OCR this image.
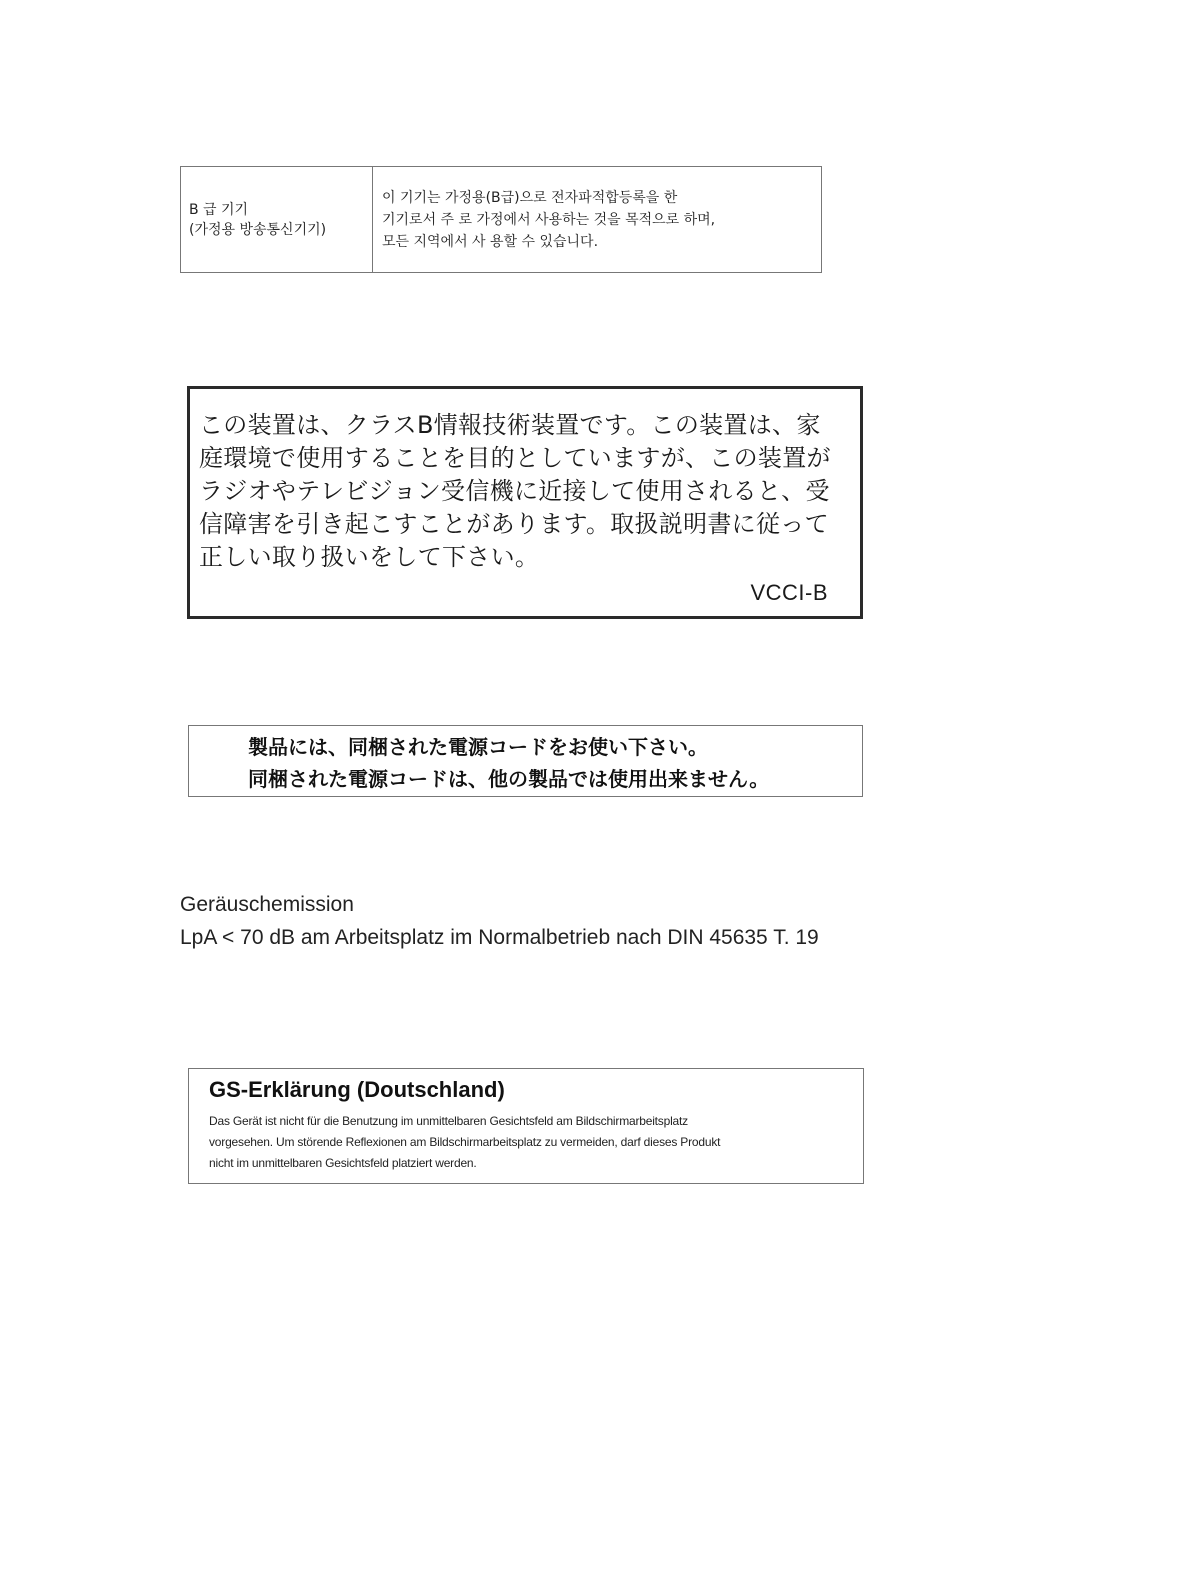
B 급 기기
(가정용 방송통신기기)
이 기기는 가정용(B급)으로 전자파적합등록을 한
기기로서 주 로 가정에서 사용하는 것을 목적으로 하며,
모든 지역에서 사 용할 수 있습니다.
この装置は、クラスB情報技術装置です。この装置は、家
庭環境で使用することを目的としていますが、この装置が
ラジオやテレビジョン受信機に近接して使用されると、受
信障害を引き起こすことがあります。取扱説明書に従って
正しい取り扱いをして下さい。
VCCI-B
製品には、同梱された電源コードをお使い下さい。
同梱された電源コードは、他の製品では使用出来ません。
Geräuschemission
LpA < 70 dB am Arbeitsplatz im Normalbetrieb nach DIN 45635 T. 19
GS-Erklärung (Doutschland)
Das Gerät ist nicht für die Benutzung im unmittelbaren Gesichtsfeld am Bildschirmarbeitsplatz
vorgesehen. Um störende Reflexionen am Bildschirmarbeitsplatz zu vermeiden, darf dieses Produkt
nicht im unmittelbaren Gesichtsfeld platziert werden.
